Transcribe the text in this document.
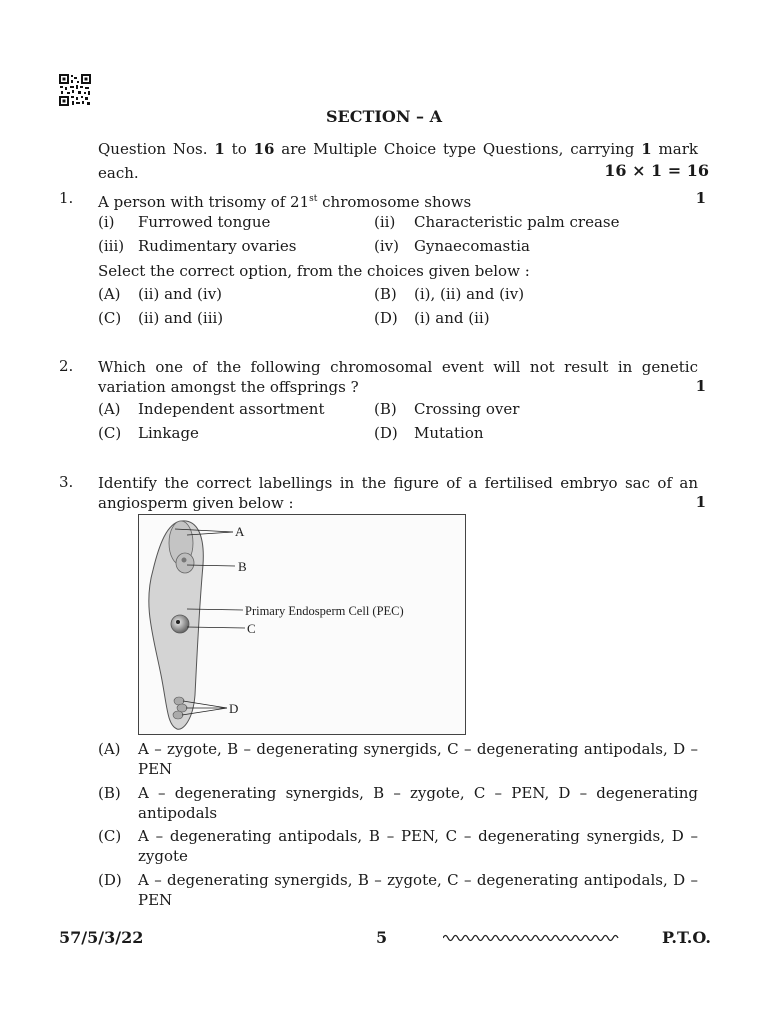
SECTION – A
Question Nos. 1 to 16 are Multiple Choice type Questions, carrying 1 mark each.	16 × 1 = 16
1. A person with trisomy of 21st chromosome shows	1
(i) Furrowed tongue	(ii) Characteristic palm crease
(iii) Rudimentary ovaries	(iv) Gynaecomastia
Select the correct option, from the choices given below :
(A) (ii) and (iv)	(B) (i), (ii) and (iv)
(C) (ii) and (iii)	(D) (i) and (ii)
2. Which one of the following chromosomal event will not result in genetic variation amongst the offsprings ?	1
(A) Independent assortment	(B) Crossing over
(C) Linkage	(D) Mutation
3. Identify the correct labellings in the figure of a fertilised embryo sac of an angiosperm given below :	1
A
B
Primary Endosperm Cell (PEC)
C
D
(A)	A – zygote, B – degenerating synergids, C – degenerating antipodals, D – PEN
(B)	A – degenerating synergids, B – zygote, C – PEN, D – degenerating antipodals
(C)	A – degenerating antipodals, B – PEN, C – degenerating synergids, D – zygote
(D)	A – degenerating synergids, B – zygote, C – degenerating antipodals, D – PEN
57/5/3/22	5	P.T.O.
